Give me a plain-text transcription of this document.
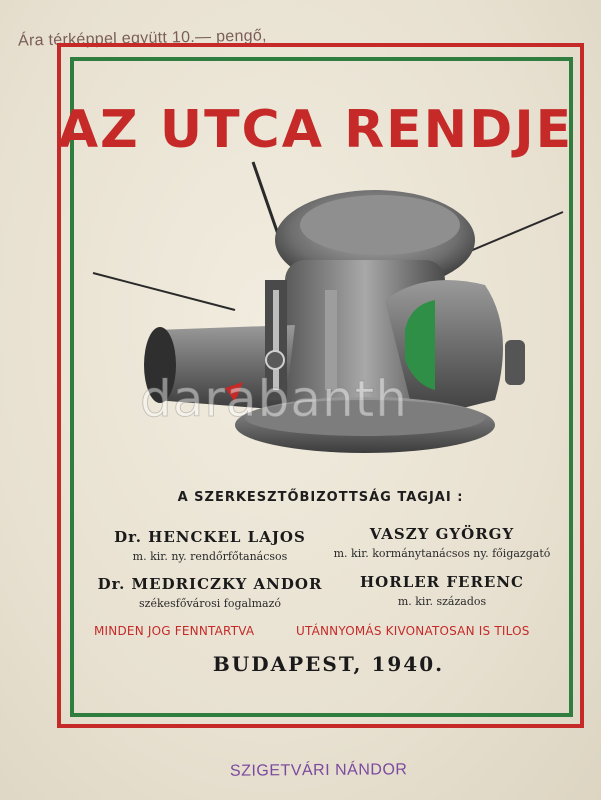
Ára térképpel együtt 10.— pengő,
AZ UTCA RENDJE
darabanth
A SZERKESZTŐBIZOTTSÁG TAGJAI :
Dr. HENCKEL LAJOS
m. kir. ny. rendőrfőtanácsos
VASZY GYÖRGY
m. kir. kormánytanácsos ny. főigazgató
Dr. MEDRICZKY ANDOR
székesfővárosi fogalmazó
HORLER FERENC
m. kir. százados
MINDEN JOG FENNTARTVA	UTÁNNYOMÁS KIVONATOSAN IS TILOS
BUDAPEST, 1940.
SZIGETVÁRI NÁNDOR
